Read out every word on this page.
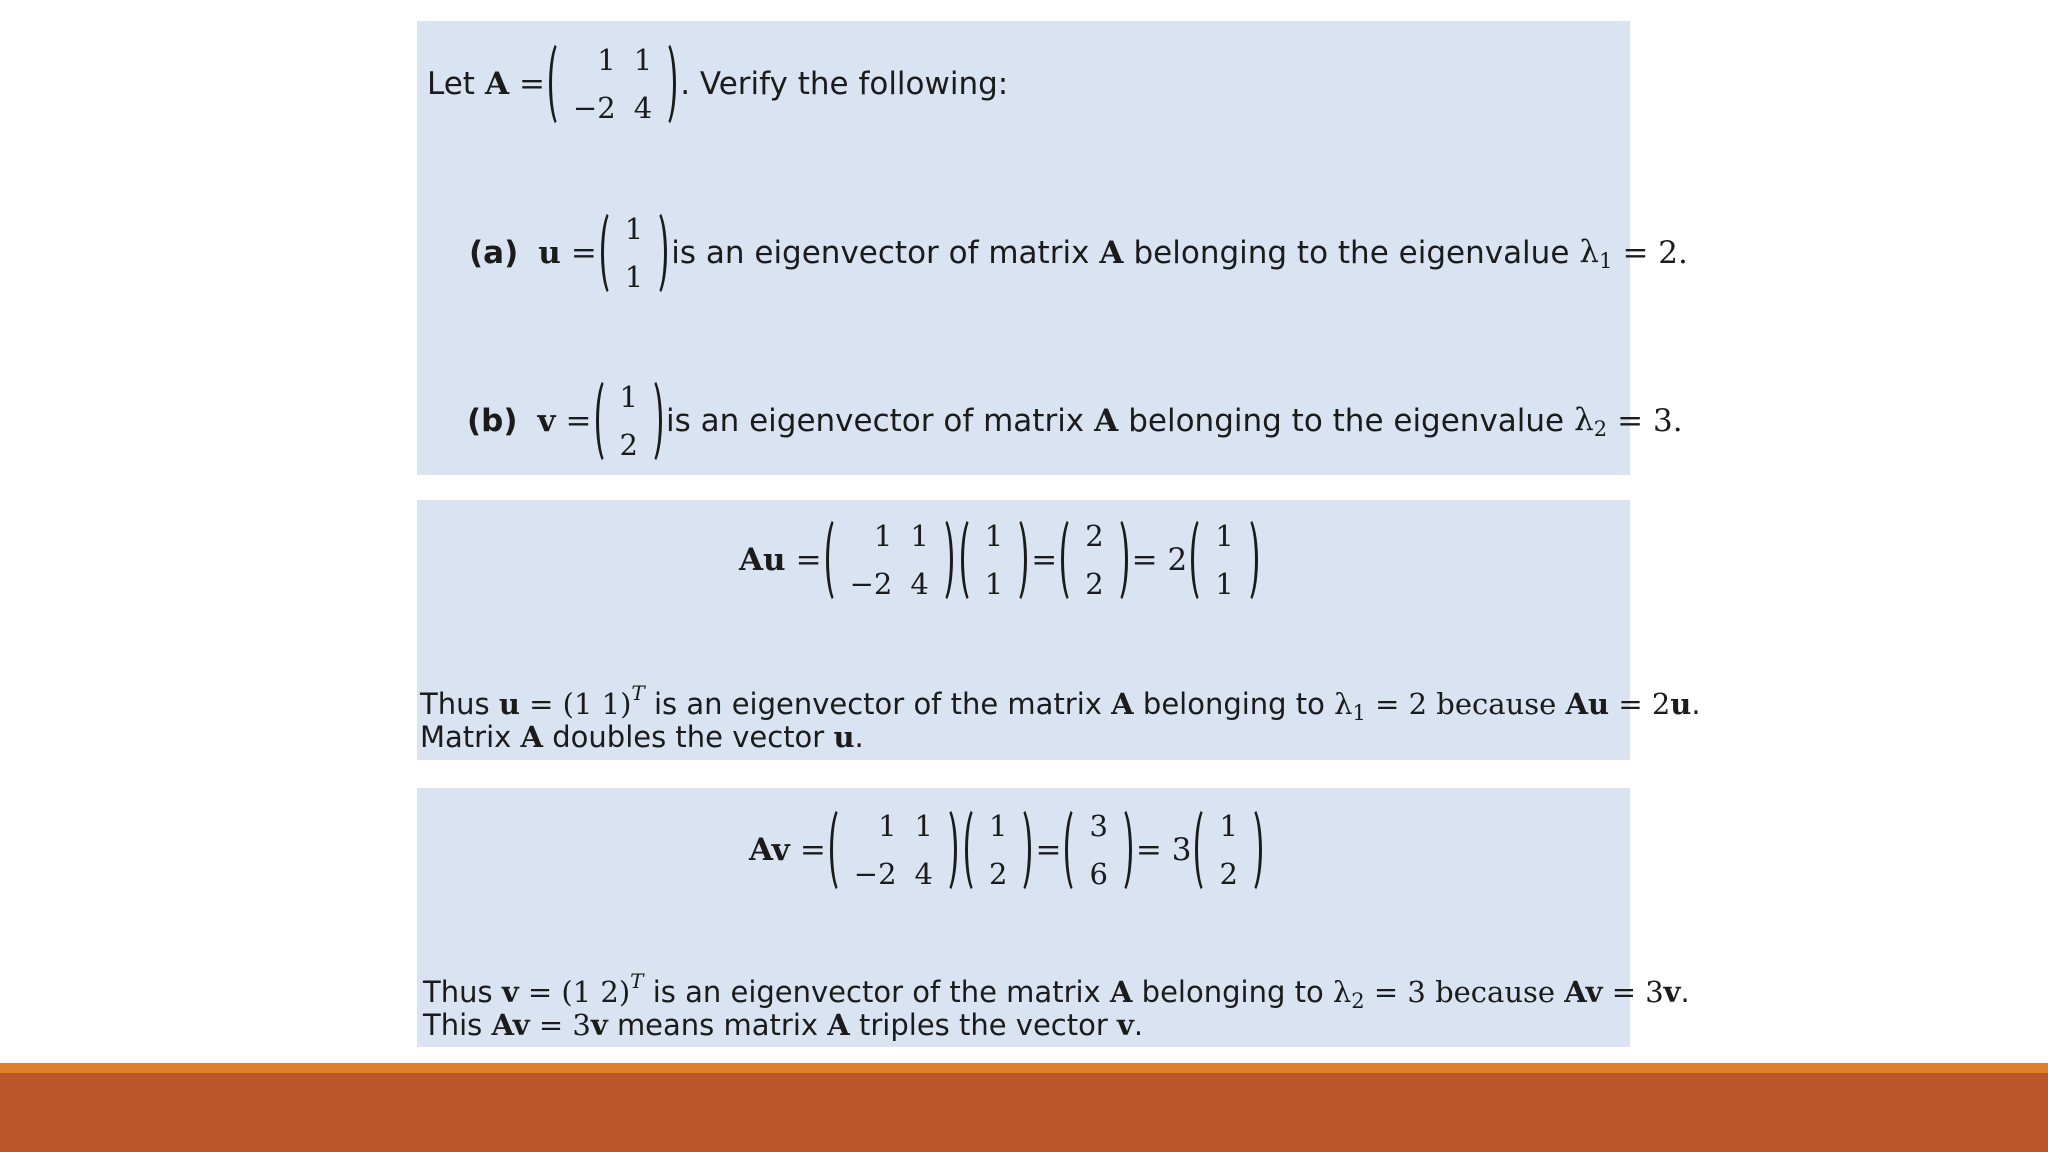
Let A =
1 1
−2 4
. Verify the following:
(a) u =
1
1
is an eigenvector of matrix A belonging to the eigenvalue $\lambda_1 = 2$.
(b) v =
1
2
is an eigenvector of matrix A belonging to the eigenvalue $\lambda_2 = 3$.
Au =
1 1
−2 4
1
1
=
2
2
= 2
1
1
Thus u = (1 1)$^T$ is an eigenvector of the matrix A belonging to $\lambda_1 = 2$ because Au = 2u.
Matrix A doubles the vector u.
Av =
1 1
−2 4
1
2
=
3
6
= 3
1
2
Thus v = (1 2)$^T$ is an eigenvector of the matrix A belonging to $\lambda_2 = 3$ because Av = 3v.
This Av = 3v means matrix A triples the vector v.
